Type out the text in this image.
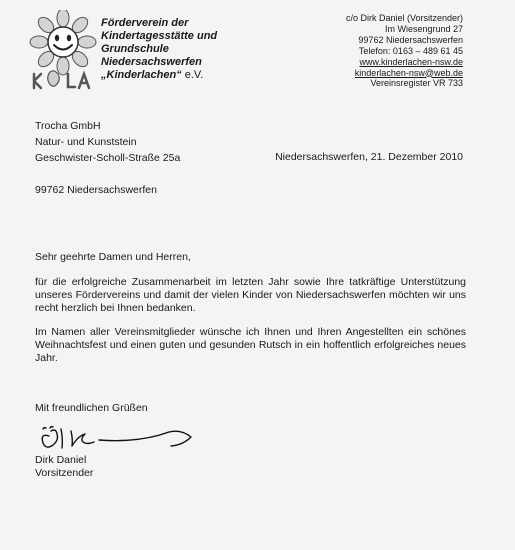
Förderverein der
Kindertagesstätte und
Grundschule
Niedersachswerfen
„Kinderlachen“ e.V.
c/o Dirk Daniel (Vorsitzender)
Im Wiesengrund 27
99762 Niedersachswerfen
Telefon: 0163 – 489 61 45
www.kinderlachen-nsw.de
kinderlachen-nsw@web.de
Vereinsregister VR 733
Trocha GmbH
Natur- und Kunststein
Geschwister-Scholl-Straße 25a
99762 Niedersachswerfen
Niedersachswerfen, 21. Dezember 2010

Sehr geehrte Damen und Herren,

für die erfolgreiche Zusammenarbeit im letzten Jahr sowie Ihre tatkräftige Unterstützung unseres Fördervereins und damit der vielen Kinder von Niedersachswerfen möchten wir uns recht herzlich bei Ihnen bedanken.

Im Namen aller Vereinsmitglieder wünsche ich Ihnen und Ihren Angestellten ein schönes Weihnachtsfest und einen guten und gesunden Rutsch in ein hoffentlich erfolgreiches neues Jahr.

Mit freundlichen Grüßen
Dirk Daniel
Vorsitzender
